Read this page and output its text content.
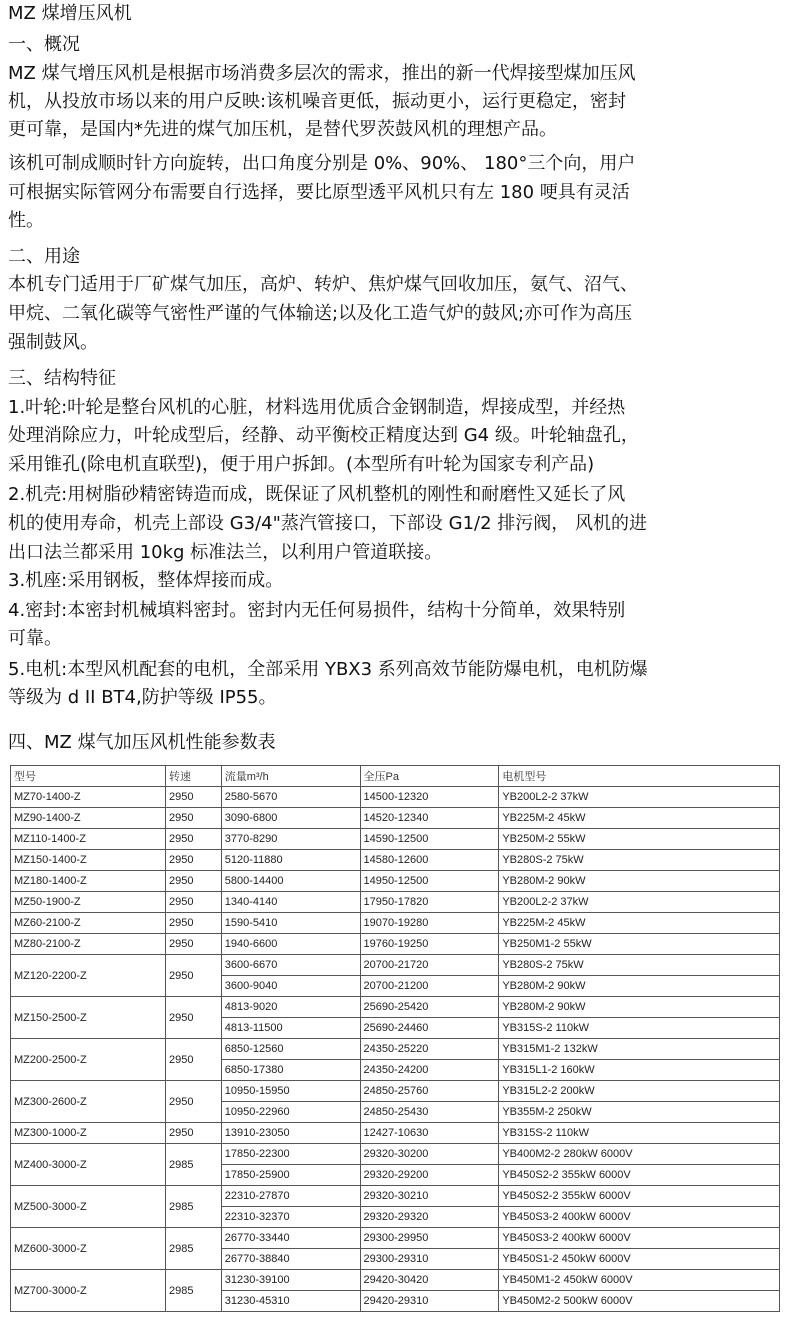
MZ 煤增压风机
一、概况
MZ 煤气增压风机是根据市场消费多层次的需求，推出的新一代焊接型煤加压风
机，从投放市场以来的用户反映:该机噪音更低，振动更小，运行更稳定，密封
更可靠，是国内*先进的煤气加压机，是替代罗茨鼓风机的理想产品。
该机可制成顺时针方向旋转，出口角度分别是 0%、90%、 180°三个向，用户
可根据实际管网分布需要自行选择，要比原型透平风机只有左 180 哽具有灵活
性。
二、用途
本机专门适用于厂矿煤气加压，高炉、转炉、焦炉煤气回收加压，氨气、沼气、
甲烷、二氧化碳等气密性严谨的气体输送;以及化工造气炉的鼓风;亦可作为高压
强制鼓风。
三、结构特征
1.叶轮:叶轮是整台风机的心脏，材料选用优质合金钢制造，焊接成型，并经热
处理消除应力，叶轮成型后，经静、动平衡校正精度达到 G4 级。叶轮轴盘孔，
采用锥孔(除电机直联型)，便于用户拆卸。(本型所有叶轮为国家专利产品)
2.机壳:用树脂砂精密铸造而成，既保证了风机整机的刚性和耐磨性又延长了风
机的使用寿命，机壳上部设 G3/4"蒸汽管接口，下部设 G1/2 排污阀， 风机的进
出口法兰都采用 10kg 标准法兰，以利用户管道联接。
3.机座:采用钢板，整体焊接而成。
4.密封:本密封机械填料密封。密封内无任何易损件，结构十分简单，效果特别
可靠。
5.电机:本型风机配套的电机，全部采用 YBX3 系列高效节能防爆电机，电机防爆
等级为 d II BT4,防护等级 IP55。
四、MZ 煤气加压风机性能参数表
型号	转速	流量m³/h	全压Pa	电机型号
MZ70-1400-Z	2950	2580-5670	14500-12320	YB200L2-2 37kW
MZ90-1400-Z	2950	3090-6800	14520-12340	YB225M-2 45kW
MZ110-1400-Z	2950	3770-8290	14590-12500	YB250M-2 55kW
MZ150-1400-Z	2950	5120-11880	14580-12600	YB280S-2 75kW
MZ180-1400-Z	2950	5800-14400	14950-12500	YB280M-2 90kW
MZ50-1900-Z	2950	1340-4140	17950-17820	YB200L2-2 37kW
MZ60-2100-Z	2950	1590-5410	19070-19280	YB225M-2 45kW
MZ80-2100-Z	2950	1940-6600	19760-19250	YB250M1-2 55kW
MZ120-2200-Z	2950	3600-6670	20700-21720	YB280S-2 75kW
		3600-9040	20700-21200	YB280M-2 90kW
MZ150-2500-Z	2950	4813-9020	25690-25420	YB280M-2 90kW
		4813-11500	25690-24460	YB315S-2 110kW
MZ200-2500-Z	2950	6850-12560	24350-25220	YB315M1-2 132kW
		6850-17380	24350-24200	YB315L1-2 160kW
MZ300-2600-Z	2950	10950-15950	24850-25760	YB315L2-2 200kW
		10950-22960	24850-25430	YB355M-2 250kW
MZ300-1000-Z	2950	13910-23050	12427-10630	YB315S-2 110kW
MZ400-3000-Z	2985	17850-22300	29320-30200	YB400M2-2 280kW 6000V
		17850-25900	29320-29200	YB450S2-2 355kW 6000V
MZ500-3000-Z	2985	22310-27870	29320-30210	YB450S2-2 355kW 6000V
		22310-32370	29320-29320	YB450S3-2 400kW 6000V
MZ600-3000-Z	2985	26770-33440	29300-29950	YB450S3-2 400kW 6000V
		26770-38840	29300-29310	YB450S1-2 450kW 6000V
MZ700-3000-Z	2985	31230-39100	29420-30420	YB450M1-2 450kW 6000V
		31230-45310	29420-29310	YB450M2-2 500kW 6000V
